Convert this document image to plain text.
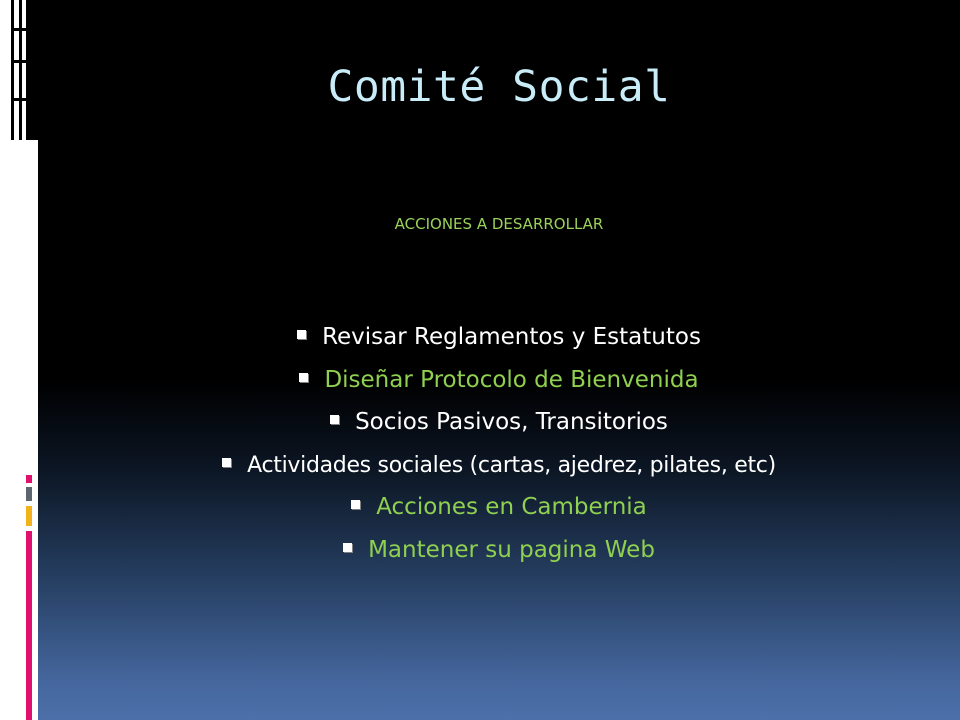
Comité Social

ACCIONES A DESARROLLAR

Revisar Reglamentos y Estatutos
Diseñar Protocolo de Bienvenida
Socios Pasivos, Transitorios
Actividades sociales (cartas, ajedrez, pilates, etc)
Acciones en Cambernia
Mantener su pagina Web
